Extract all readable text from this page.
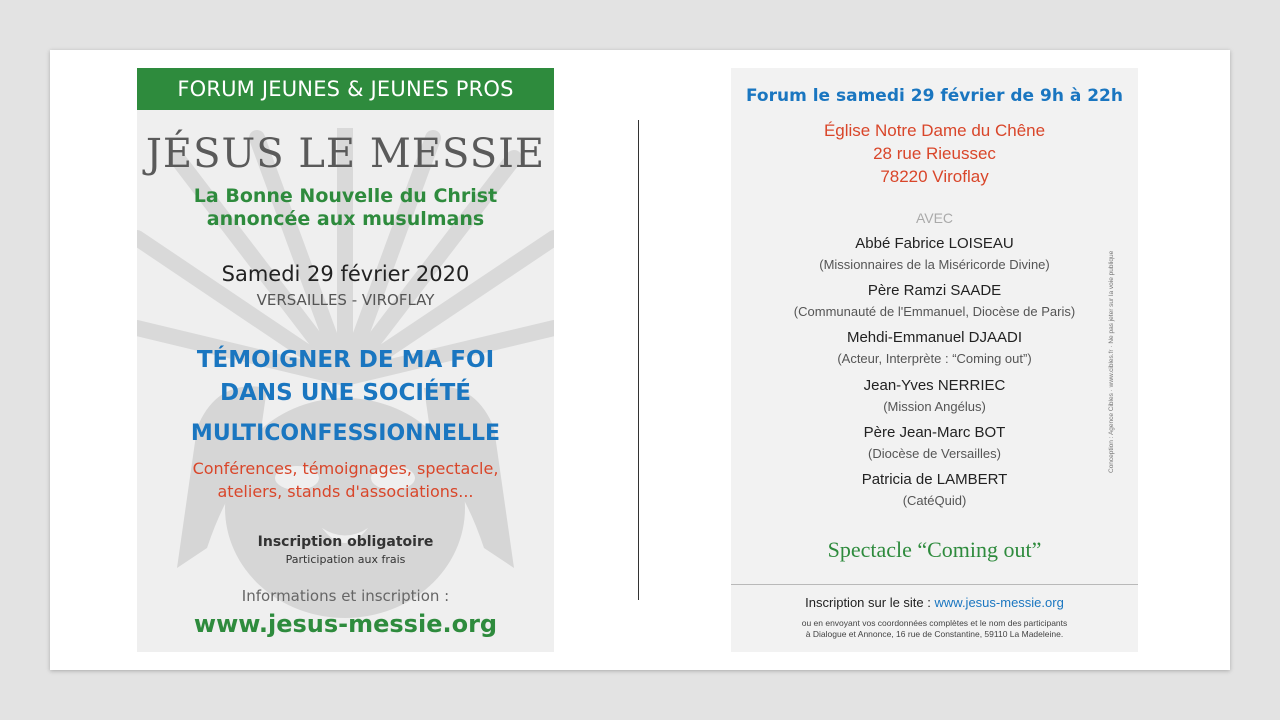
FORUM JEUNES & JEUNES PROS
JÉSUS LE MESSIE
La Bonne Nouvelle du Christ
annoncée aux musulmans
Samedi 29 février 2020
VERSAILLES - VIROFLAY
TÉMOIGNER DE MA FOI
DANS UNE SOCIÉTÉ
MULTICONFESSIONNELLE
Conférences, témoignages, spectacle,
ateliers, stands d'associations...
Inscription obligatoire
Participation aux frais
Informations et inscription :
www.jesus-messie.org
Forum le samedi 29 février de 9h à 22h
Église Notre Dame du Chêne
28 rue Rieussec
78220 Viroflay
AVEC
Abbé Fabrice LOISEAU
(Missionnaires de la Miséricorde Divine)
Père Ramzi SAADE
(Communauté de l'Emmanuel, Diocèse de Paris)
Mehdi-Emmanuel DJAADI
(Acteur, Interprète : “Coming out”)
Jean-Yves NERRIEC
(Mission Angélus)
Père Jean-Marc BOT
(Diocèse de Versailles)
Patricia de LAMBERT
(CatéQuid)
Spectacle “Coming out”
Inscription sur le site : www.jesus-messie.org
ou en envoyant vos coordonnées complètes et le nom des participants
à Dialogue et Annonce, 16 rue de Constantine, 59110 La Madeleine.
Conception : Agence Cibles · www.cibles.fr · Ne pas jeter sur la voie publique
